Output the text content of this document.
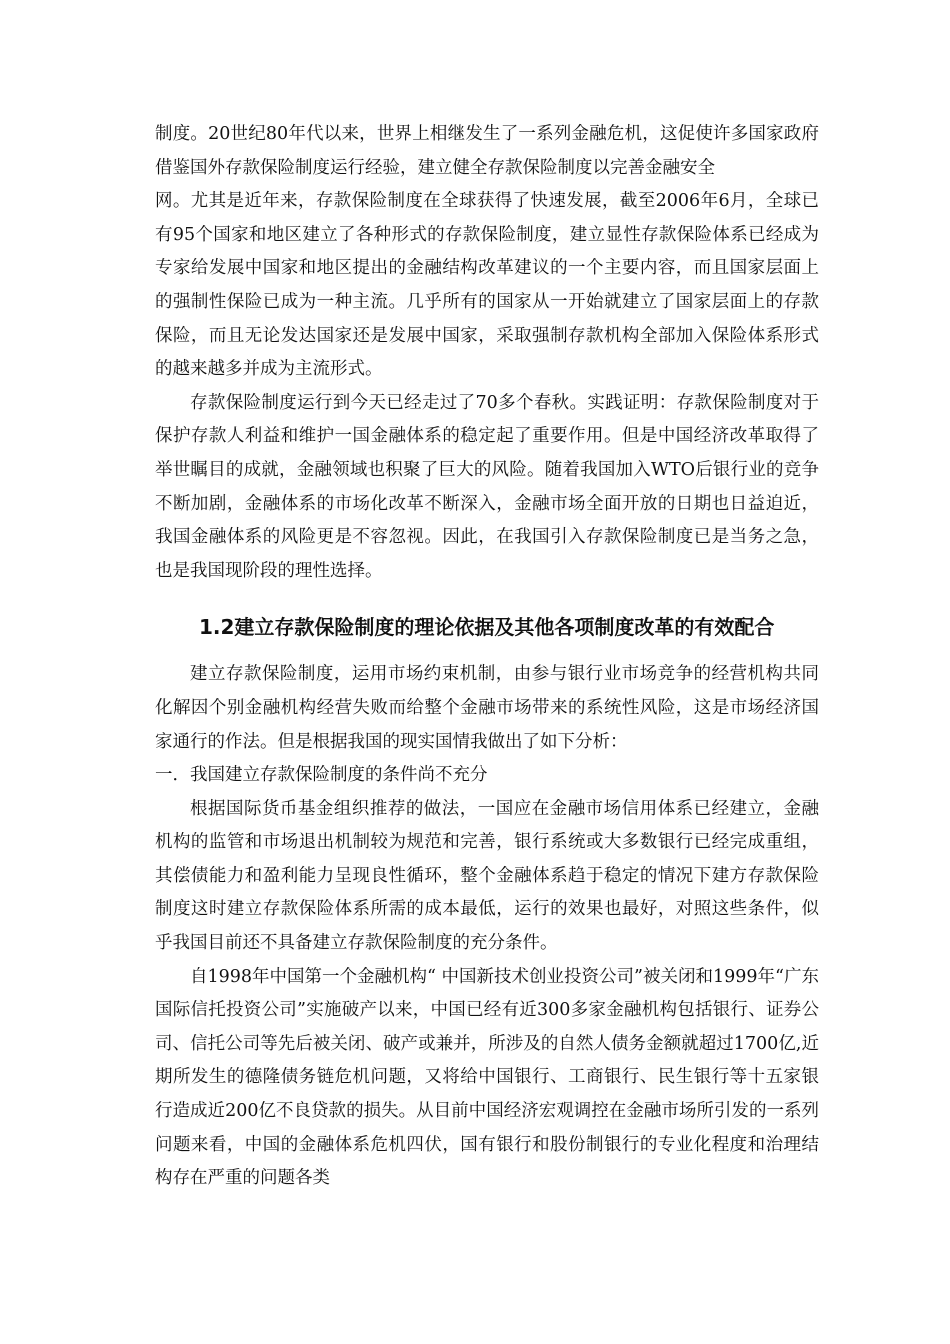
制度。20世纪80年代以来，世界上相继发生了一系列金融危机，这促使许多国家政府借鉴国外存款保险制度运行经验，建立健全存款保险制度以完善金融安全

网。尤其是近年来，存款保险制度在全球获得了快速发展，截至2006年6月，全球已有95个国家和地区建立了各种形式的存款保险制度，建立显性存款保险体系已经成为专家给发展中国家和地区提出的金融结构改革建议的一个主要内容，而且国家层面上的强制性保险已成为一种主流。几乎所有的国家从一开始就建立了国家层面上的存款保险，而且无论发达国家还是发展中国家，采取强制存款机构全部加入保险体系形式的越来越多并成为主流形式。

存款保险制度运行到今天已经走过了70多个春秋。实践证明：存款保险制度对于保护存款人利益和维护一国金融体系的稳定起了重要作用。但是中国经济改革取得了举世瞩目的成就，金融领域也积聚了巨大的风险。随着我国加入WTO后银行业的竞争不断加剧，金融体系的市场化改革不断深入，金融市场全面开放的日期也日益迫近，我国金融体系的风险更是不容忽视。因此，在我国引入存款保险制度已是当务之急，也是我国现阶段的理性选择。

1.2建立存款保险制度的理论依据及其他各项制度改革的有效配合

建立存款保险制度，运用市场约束机制，由参与银行业市场竞争的经营机构共同化解因个别金融机构经营失败而给整个金融市场带来的系统性风险，这是市场经济国家通行的作法。但是根据我国的现实国情我做出了如下分析：

一．我国建立存款保险制度的条件尚不充分

根据国际货币基金组织推荐的做法，一国应在金融市场信用体系已经建立，金融机构的监管和市场退出机制较为规范和完善，银行系统或大多数银行已经完成重组，其偿债能力和盈利能力呈现良性循环，整个金融体系趋于稳定的情况下建方存款保险制度这时建立存款保险体系所需的成本最低，运行的效果也最好，对照这些条件，似乎我国目前还不具备建立存款保险制度的充分条件。

自1998年中国第一个金融机构“ 中国新技术创业投资公司”被关闭和1999年“广东国际信托投资公司”实施破产以来，中国已经有近300多家金融机构包括银行、证券公司、信托公司等先后被关闭、破产或兼并，所涉及的自然人债务金额就超过1700亿,近期所发生的德隆债务链危机问题，又将给中国银行、工商银行、民生银行等十五家银行造成近200亿不良贷款的损失。从目前中国经济宏观调控在金融市场所引发的一系列问题来看，中国的金融体系危机四伏，国有银行和股份制银行的专业化程度和治理结构存在严重的问题各类
